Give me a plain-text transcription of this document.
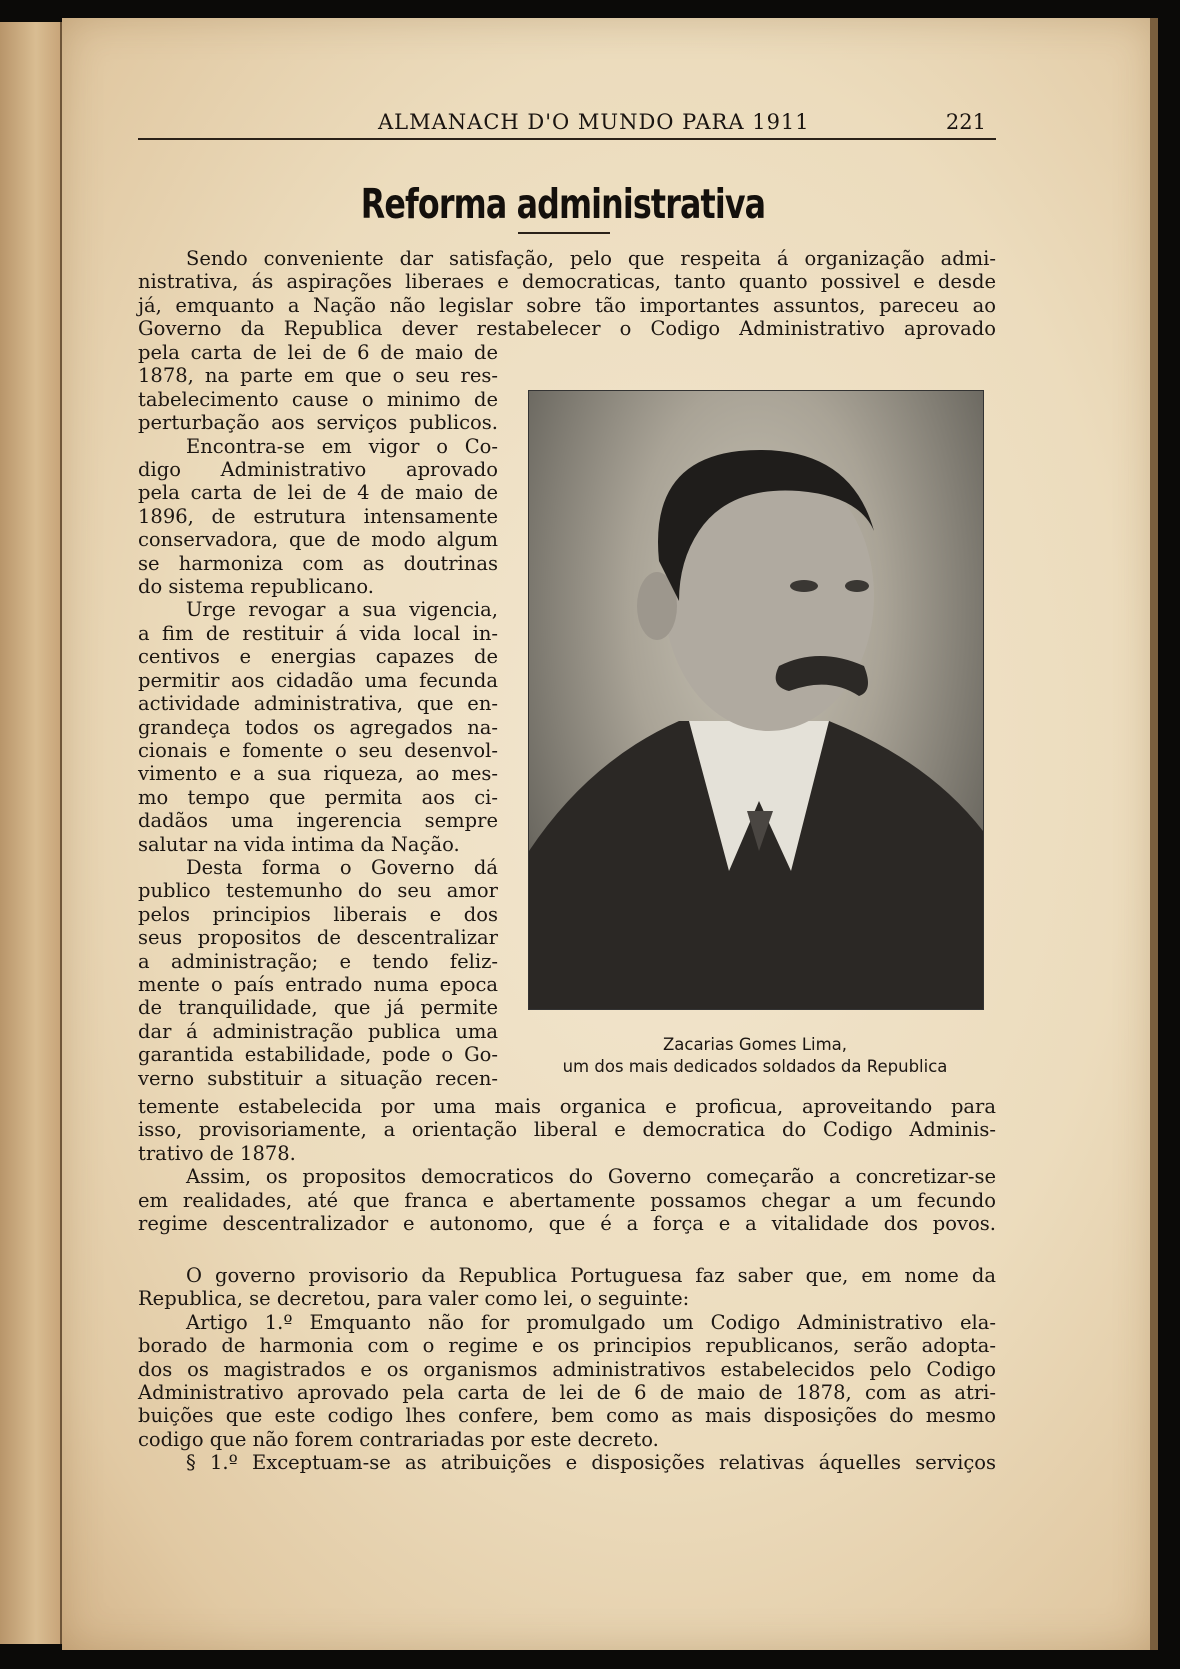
ALMANACH D'O MUNDO PARA 1911	221
Reforma administrativa
Sendo conveniente dar satisfação, pelo que respeita á organização admi-
nistrativa, ás aspirações liberaes e democraticas, tanto quanto possivel e desde
já, emquanto a Nação não legislar sobre tão importantes assuntos, pareceu ao
Governo da Republica dever restabelecer o Codigo Administrativo aprovado
pela carta de lei de 6 de maio de
1878, na parte em que o seu res-
tabelecimento cause o minimo de
perturbação aos serviços publicos.
Encontra-se em vigor o Co-
digo Administrativo aprovado
pela carta de lei de 4 de maio de
1896, de estrutura intensamente
conservadora, que de modo algum
se harmoniza com as doutrinas
do sistema republicano.
Urge revogar a sua vigencia,
a fim de restituir á vida local in-
centivos e energias capazes de
permitir aos cidadão uma fecunda
actividade administrativa, que en-
grandeça todos os agregados na-
cionais e fomente o seu desenvol-
vimento e a sua riqueza, ao mes-
mo tempo que permita aos ci-
dadãos uma ingerencia sempre
salutar na vida intima da Nação.
Desta forma o Governo dá
publico testemunho do seu amor
pelos principios liberais e dos
seus propositos de descentralizar
a administração; e tendo feliz-
mente o país entrado numa epoca
de tranquilidade, que já permite
dar á administração publica uma
garantida estabilidade, pode o Go-
verno substituir a situação recen-
Zacarias Gomes Lima,
um dos mais dedicados soldados da Republica
temente estabelecida por uma mais organica e proficua, aproveitando para
isso, provisoriamente, a orientação liberal e democratica do Codigo Adminis-
trativo de 1878.
Assim, os propositos democraticos do Governo começarão a concretizar-se
em realidades, até que franca e abertamente possamos chegar a um fecundo
regime descentralizador e autonomo, que é a força e a vitalidade dos povos.
O governo provisorio da Republica Portuguesa faz saber que, em nome da
Republica, se decretou, para valer como lei, o seguinte:
Artigo 1.º Emquanto não for promulgado um Codigo Administrativo ela-
borado de harmonia com o regime e os principios republicanos, serão adopta-
dos os magistrados e os organismos administrativos estabelecidos pelo Codigo
Administrativo aprovado pela carta de lei de 6 de maio de 1878, com as atri-
buições que este codigo lhes confere, bem como as mais disposições do mesmo
codigo que não forem contrariadas por este decreto.
§ 1.º Exceptuam-se as atribuições e disposições relativas áquelles serviços
